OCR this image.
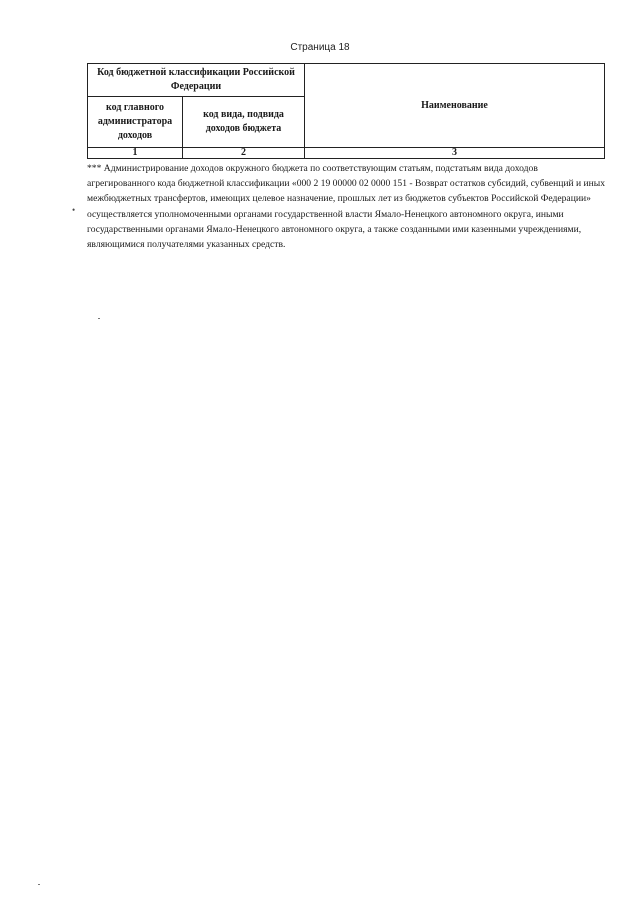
Страница 18
Код бюджетной классификации Российской Федерации		Наименование
код главного администратора доходов	код вида, подвида доходов бюджета	
1	2	3

*** Администрирование доходов окружного бюджета по соответствующим статьям, подстатьям вида доходов агрегированного кода бюджетной классификации «000 2 19 00000 02 0000 151 - Возврат остатков субсидий, субвенций и иных межбюджетных трансфертов, имеющих целевое назначение, прошлых лет из бюджетов субъектов Российской Федерации» осуществляется уполномоченными органами государственной власти Ямало-Ненецкого автономного округа, иными государственными органами Ямало-Ненецкого автономного округа, а также созданными ими казенными учреждениями, являющимися получателями указанных средств.

•
